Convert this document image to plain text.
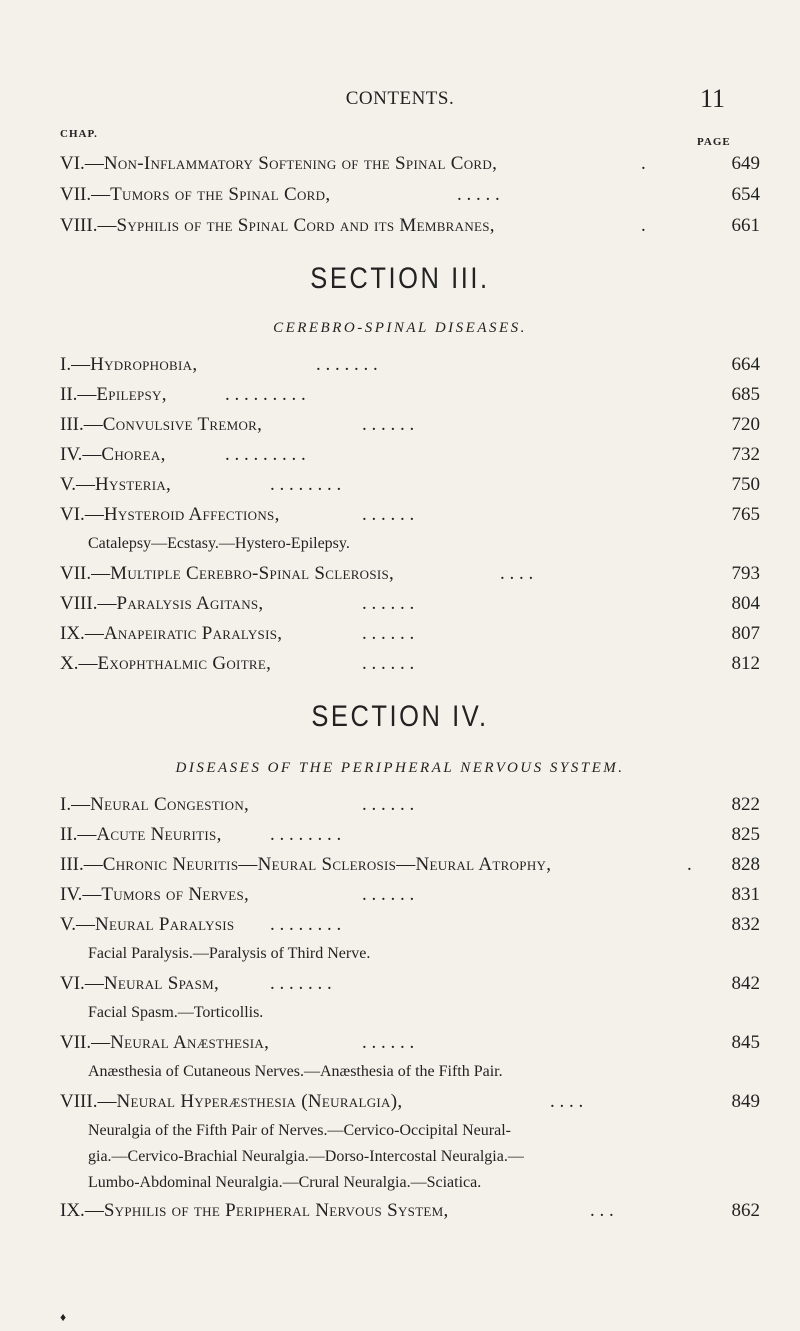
CONTENTS.	11
CHAP.
PAGE
VI.—Non-Inflammatory Softening of the Spinal Cord,	.	649
VII.—Tumors of the Spinal Cord,	. . . . .	654
VIII.—Syphilis of the Spinal Cord and its Membranes,	.	661
SECTION III.
CEREBRO-SPINAL DISEASES.
I.—Hydrophobia,	. . . . . . .	664
II.—Epilepsy,	. . . . . . . . .	685
III.—Convulsive Tremor,	. . . . . .	720
IV.—Chorea,	. . . . . . . . .	732
V.—Hysteria,	. . . . . . . .	750
VI.—Hysteroid Affections,	. . . . . .	765
Catalepsy—Ecstasy.—Hystero-Epilepsy.
VII.—Multiple Cerebro-Spinal Sclerosis,	. . . .	793
VIII.—Paralysis Agitans,	. . . . . .	804
IX.—Anapeiratic Paralysis,	. . . . . .	807
X.—Exophthalmic Goitre,	. . . . . .	812
SECTION IV.
DISEASES OF THE PERIPHERAL NERVOUS SYSTEM.
I.—Neural Congestion,	. . . . . .	822
II.—Acute Neuritis,	. . . . . . . .	825
III.—Chronic Neuritis—Neural Sclerosis—Neural Atrophy,	.	828
IV.—Tumors of Nerves,	. . . . . .	831
V.—Neural Paralysis . . . . . . . .	832
Facial Paralysis.—Paralysis of Third Nerve.
VI.—Neural Spasm,	. . . . . . .	842
Facial Spasm.—Torticollis.
VII.—Neural Anæsthesia,	. . . . . .	845
Anæsthesia of Cutaneous Nerves.—Anæsthesia of the Fifth Pair.
VIII.—Neural Hyperæsthesia (Neuralgia),	. . . .	849
Neuralgia of the Fifth Pair of Nerves.—Cervico-Occipital Neural-
gia.—Cervico-Brachial Neuralgia.—Dorso-Intercostal Neuralgia.—
Lumbo-Abdominal Neuralgia.—Crural Neuralgia.—Sciatica.
IX.—Syphilis of the Peripheral Nervous System,	. . .	862
♦
